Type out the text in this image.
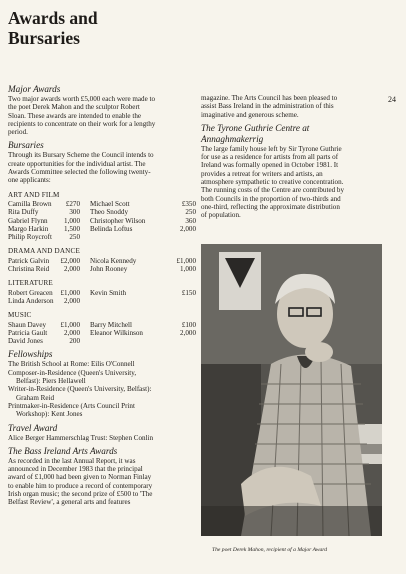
Awards and
Bursaries
24

Major Awards

Two major awards worth £5,000 each were made to

the poet Derek Mahon and the sculptor Robert

Sloan. These awards are intended to enable the

recipients to concentrate on their work for a lengthy

period.

Bursaries

Through its Bursary Scheme the Council intends to

create opportunities for the individual artist. The

Awards Committee selected the following twenty-

one applicants:

ART AND FILM
Camilla Brown	£270 Michael Scott	£350
Rita Duffy	300 Theo Snoddy	250
Gabriel Flynn	1,000 Christopher Wilson	360
Margo Harkin	1,500 Belinda Loftus	2,000
Philip Roycroft	250
DRAMA AND DANCE
Patrick Galvin	£2,000 Nicola Kennedy	£1,000
Christina Reid	2,000 John Rooney	1,000
LITERATURE
Robert Greacen	£1,000 Kevin Smith	£150
Linda Anderson	2,000
MUSIC
Shaun Davey	£1,000 Barry Mitchell	£100
Patricia Gault	2,000 Eleanor Wilkinson	2,000
David Jones	200

Fellowships

The British School at Rome: Eilis O'Connell

Composer-in-Residence (Queen's University,

Belfast): Piers Hellawell

Writer-in-Residence (Queen's University, Belfast):

Graham Reid

Printmaker-in-Residence (Arts Council Print

Workshop): Kent Jones

Travel Award

Alice Berger Hammerschlag Trust: Stephen Conlin

The Bass Ireland Arts Awards

As recorded in the last Annual Report, it was

announced in December 1983 that the principal

award of £1,000 had been given to Norman Finlay

to enable him to produce a record of contemporary

Irish organ music; the second prize of £500 to 'The

Belfast Review', a general arts and features

magazine. The Arts Council has been pleased to

assist Bass Ireland in the administration of this

imaginative and generous scheme.

The Tyrone Guthrie Centre at
Annaghmakerrig

The large family house left by Sir Tyrone Guthrie

for use as a residence for artists from all parts of

Ireland was formally opened in October 1981. It

provides a retreat for writers and artists, an

atmosphere sympathetic to creative concentration.

The running costs of the Centre are contributed by

both Councils in the proportion of two-thirds and

one-third, reflecting the approximate distribution

of population.

The poet Derek Mahon, recipient of a Major Award
